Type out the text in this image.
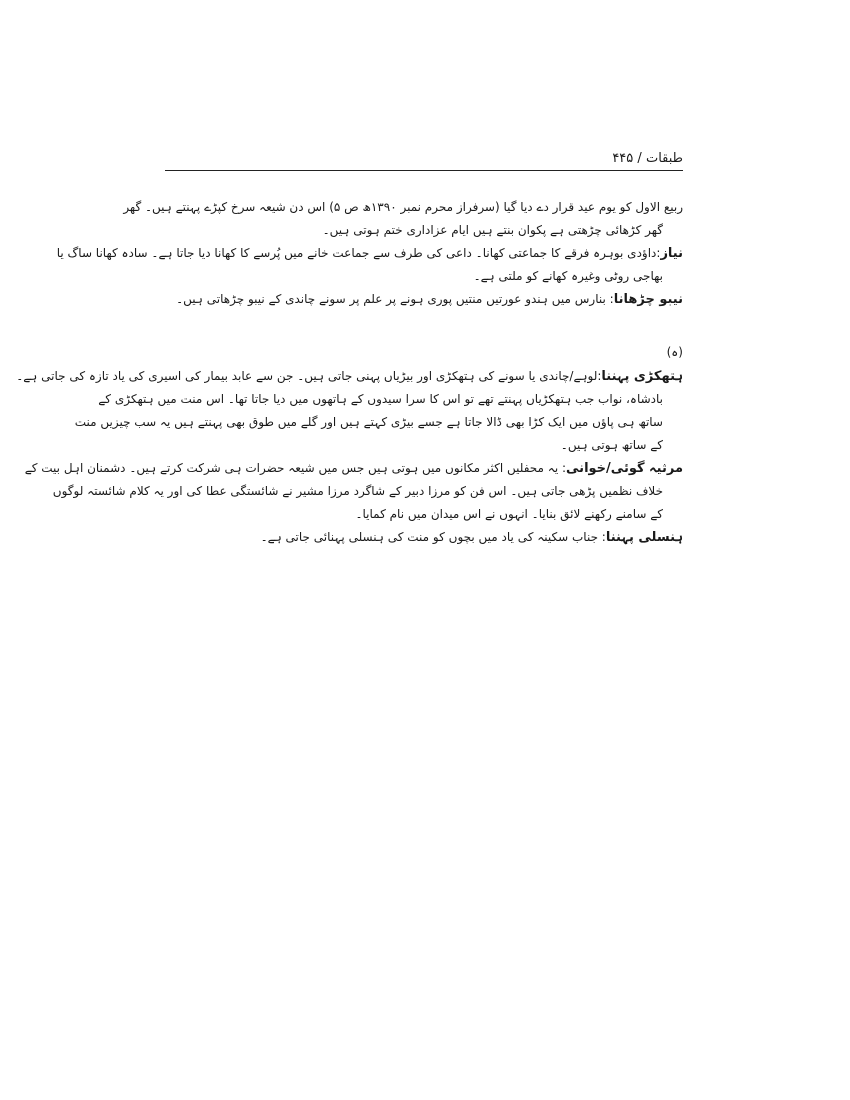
طبقات / ۴۴۵
ربیع الاول کو یوم عید قرار دے دیا گیا (سرفراز محرم نمبر ۱۳۹۰ھ ص ۵) اس دن شیعہ سرخ کپڑے پہنتے ہیں۔ گھر
گھر کڑھائی چڑھتی ہے پکوان بنتے ہیں ایام عزاداری ختم ہوتی ہیں۔
نیاز:داؤدی بوہرہ فرقے کا جماعتی کھانا۔ داعی کی طرف سے جماعت خانے میں پُرسے کا کھانا دیا جاتا ہے۔ سادہ کھانا ساگ یا
بھاجی روٹی وغیرہ کھانے کو ملتی ہے۔
نیبو چڑھانا: بنارس میں ہندو عورتیں منتیں پوری ہونے پر علم پر سونے چاندی کے نیبو چڑھاتی ہیں۔
(ہ)
ہتھکڑی پہننا:لوہے/چاندی یا سونے کی ہتھکڑی اور بیڑیاں پہنی جاتی ہیں۔ جن سے عابد بیمار کی اسیری کی یاد تازہ کی جاتی ہے۔
بادشاہ، نواب جب ہتھکڑیاں پہنتے تھے تو اس کا سرا سیدوں کے ہاتھوں میں دیا جاتا تھا۔ اس منت میں ہتھکڑی کے
ساتھ ہی پاؤں میں ایک کڑا بھی ڈالا جاتا ہے جسے بیڑی کہتے ہیں اور گلے میں طوق بھی پہنتے ہیں یہ سب چیزیں منت
کے ساتھ ہوتی ہیں۔
مرثیہ گوئی/خوانی: یہ محفلیں اکثر مکانوں میں ہوتی ہیں جس میں شیعہ حضرات ہی شرکت کرتے ہیں۔ دشمنان اہل بیت کے
خلاف نظمیں پڑھی جاتی ہیں۔ اس فن کو مرزا دبیر کے شاگرد مرزا مشیر نے شائستگی عطا کی اور یہ کلام شائستہ لوگوں
کے سامنے رکھنے لائق بنایا۔ انہوں نے اس میدان میں نام کمایا۔
ہنسلی پہننا: جناب سکینہ کی یاد میں بچوں کو منت کی ہنسلی پہنائی جاتی ہے۔
